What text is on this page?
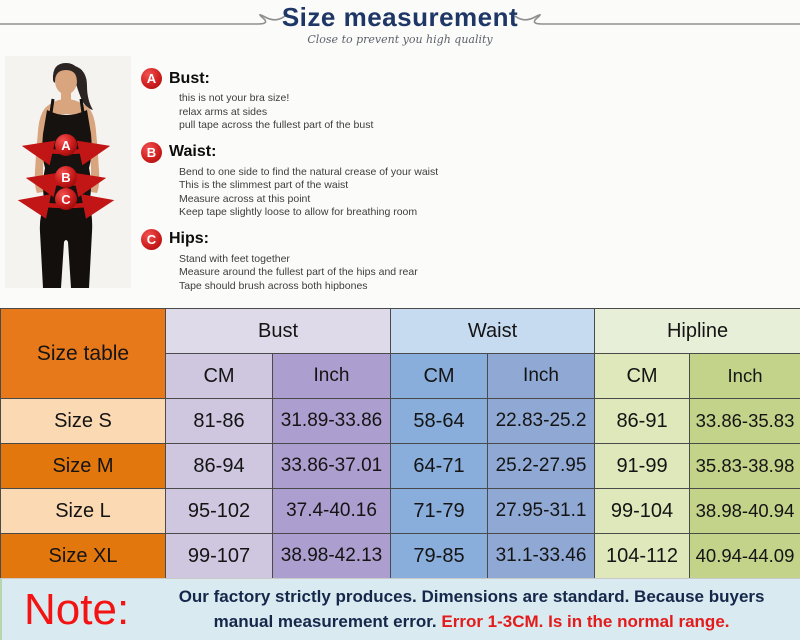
Size measurement
Close to prevent you high quality
A
B
C
A Bust:
this is not your bra size!
relax arms at sides
pull tape across the fullest part of the bust
B Waist:
Bend to one side to find the natural crease of your waist
This is the slimmest part of the waist
Measure across at this point
Keep tape slightly loose to allow for breathing room
C Hips:
Stand with feet together
Measure around the fullest part of the hips and rear
Tape should brush across both hipbones
Size table	Bust		Waist		Hipline	
	CM	Inch	CM	Inch	CM	Inch
Size S	81-86	31.89-33.86	58-64	22.83-25.2	86-91	33.86-35.83
Size M	86-94	33.86-37.01	64-71	25.2-27.95	91-99	35.83-38.98
Size L	95-102	37.4-40.16	71-79	27.95-31.1	99-104	38.98-40.94
Size XL	99-107	38.98-42.13	79-85	31.1-33.46	104-112	40.94-44.09
Note:	Our factory strictly produces. Dimensions are standard. Because buyers manual measurement error. Error 1-3CM. Is in the normal range.
